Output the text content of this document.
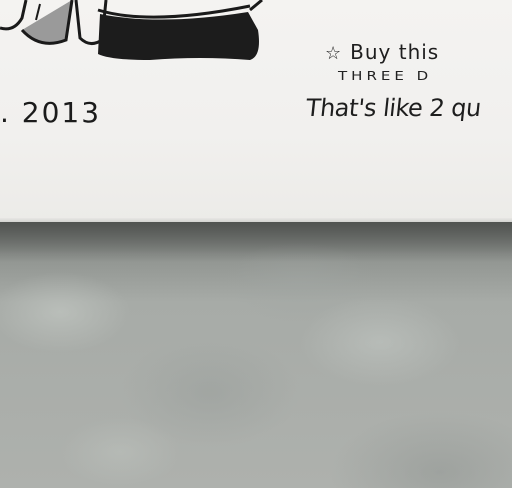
. 2013
☆ Buy this
THREE D
That's like 2 qu
